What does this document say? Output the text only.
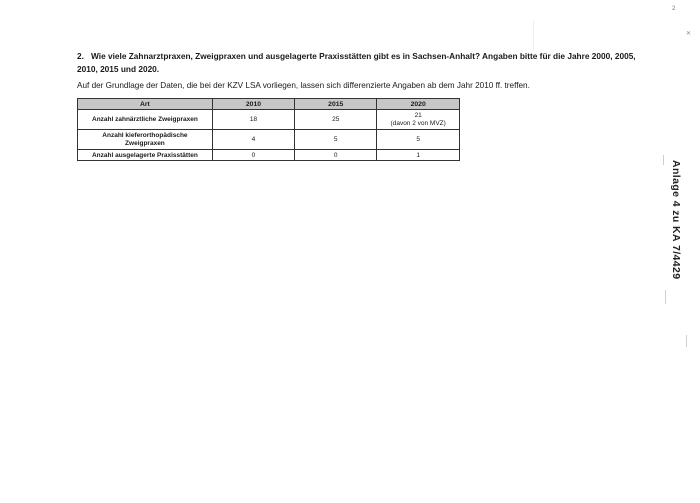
2
✕
2. Wie viele Zahnarztpraxen, Zweigpraxen und ausgelagerte Praxisstätten gibt es in Sachsen-Anhalt? Angaben bitte für die Jahre 2000, 2005, 2010, 2015 und 2020.
Auf der Grundlage der Daten, die bei der KZV LSA vorliegen, lassen sich differenzierte Angaben ab dem Jahr 2010 ff. treffen.
Art	2010	2015	2020
Anzahl zahnärztliche Zweigpraxen	18	25	21
(davon 2 von MVZ)

Anzahl kieferorthopädische
Zweigpraxen	4	5	5
Anzahl ausgelagerte Praxisstätten	0	0	1
Anlage 4 zu KA 7/4429
